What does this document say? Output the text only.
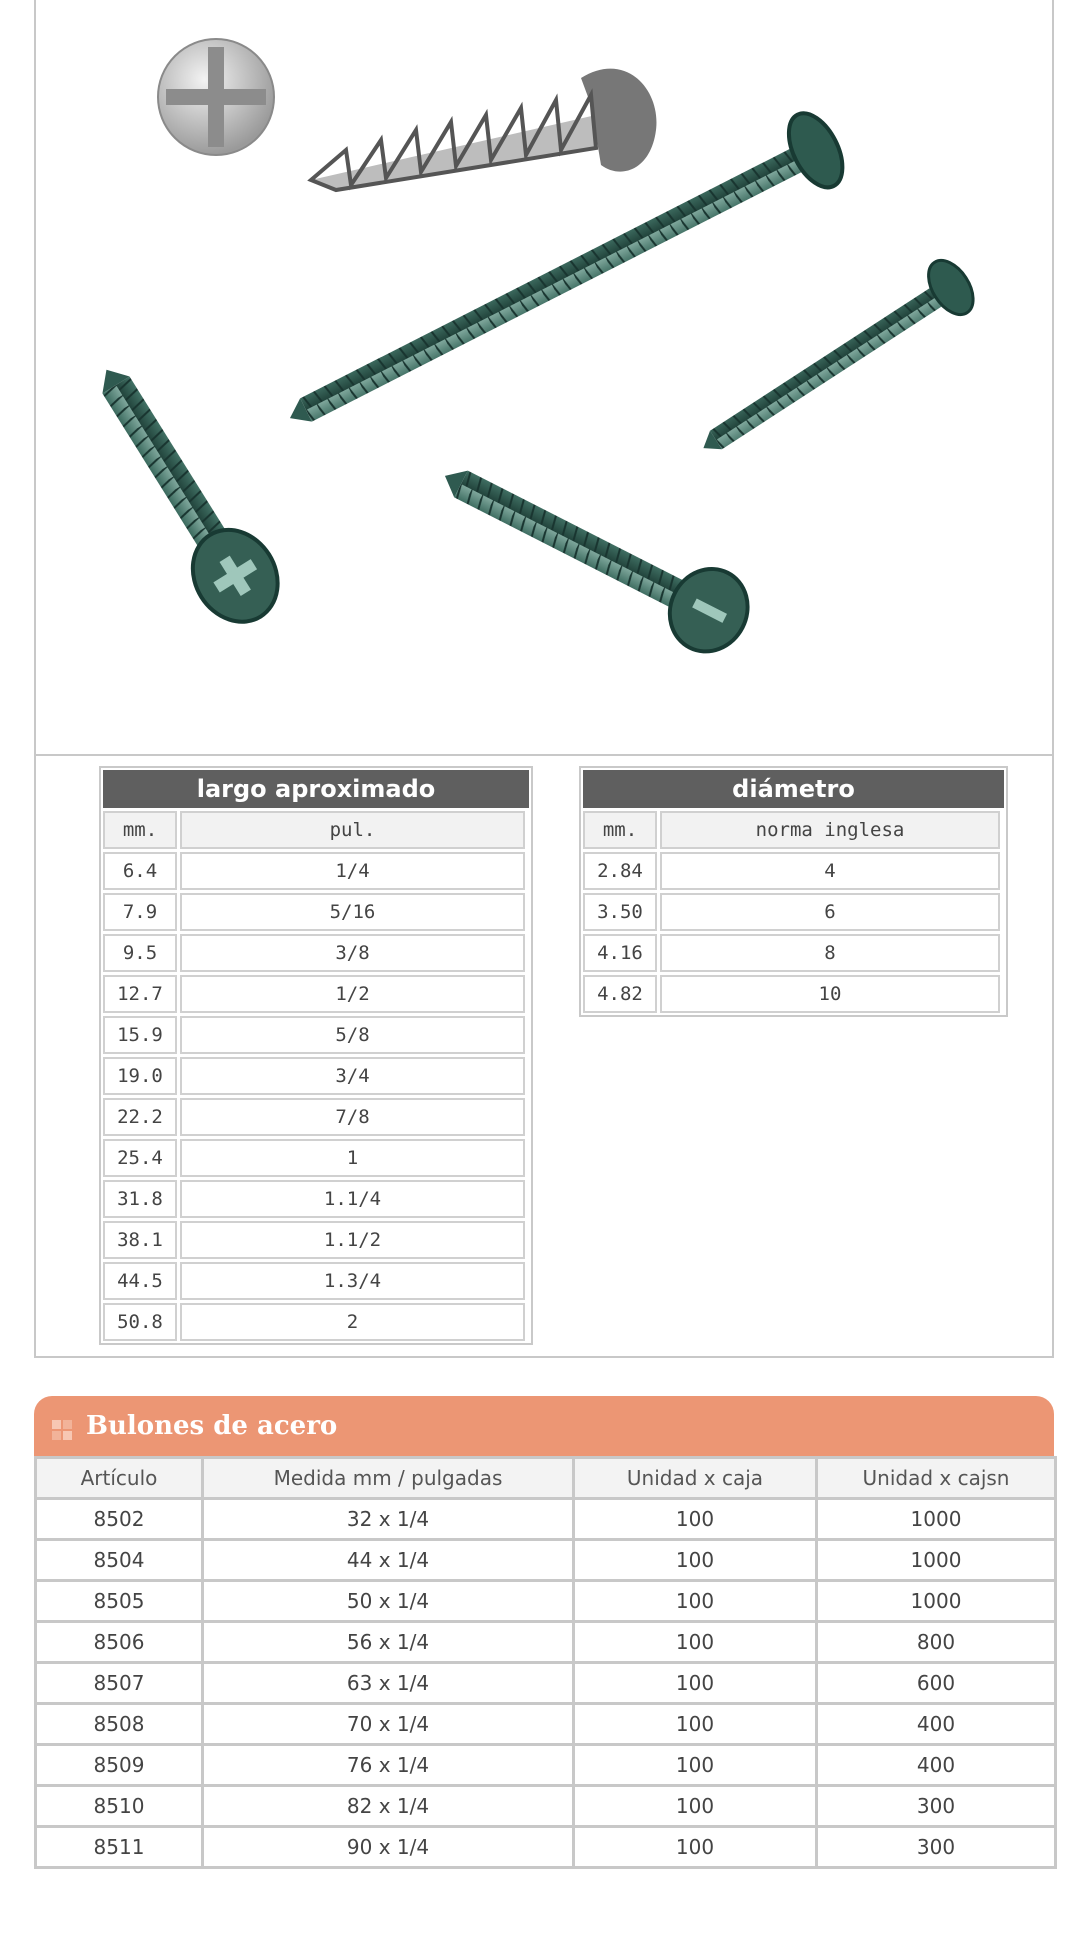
largo aproximado
mm.	pul.
6.4	1/4
7.9	5/16
9.5	3/8
12.7	1/2
15.9	5/8
19.0	3/4
22.2	7/8
25.4	1
31.8	1.1/4
38.1	1.1/2
44.5	1.3/4
50.8	2
diámetro
mm.	norma inglesa
2.84	4
3.50	6
4.16	8
4.82	10
Bulones de acero
Artículo	Medida mm / pulgadas	Unidad x caja	Unidad x cajsn
8502	32 x 1/4	100	1000
8504	44 x 1/4	100	1000
8505	50 x 1/4	100	1000
8506	56 x 1/4	100	800
8507	63 x 1/4	100	600
8508	70 x 1/4	100	400
8509	76 x 1/4	100	400
8510	82 x 1/4	100	300
8511	90 x 1/4	100	300
